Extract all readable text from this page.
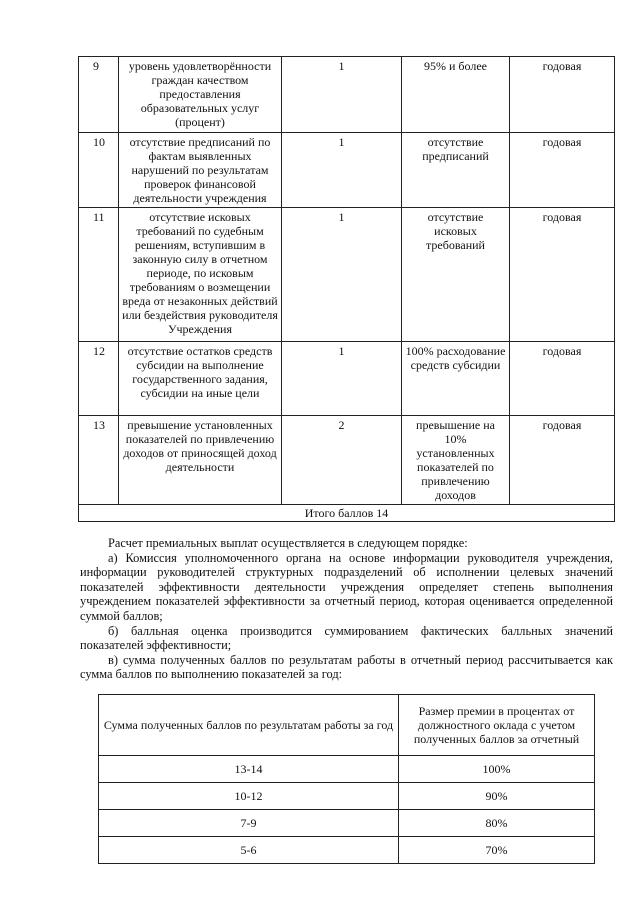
9	уровень удовлетворённости граждан качеством предоставления образовательных услуг (процент)	1	95% и более	годовая
10	отсутствие предписаний по фактам выявленных нарушений по результатам проверок финансовой деятельности учреждения	1	отсутствие предписаний	годовая
11	отсутствие исковых требований по судебным решениям, вступившим в законную силу в отчетном периоде, по исковым требованиям о возмещении вреда от незаконных действий или бездействия руководителя Учреждения	1	отсутствие исковых требований	годовая
12	отсутствие остатков средств субсидии на выполнение государственного задания, субсидии на иные цели	1	100% расходование средств субсидии	годовая
13	превышение установленных показателей по привлечению доходов от приносящей доход деятельности	2	превышение на 10% установленных показателей по привлечению доходов	годовая
Итого баллов 14				

Расчет премиальных выплат осуществляется в следующем порядке:

а) Комиссия уполномоченного органа на основе информации руководителя учреждения, информации руководителей структурных подразделений об исполнении целевых значений показателей эффективности деятельности учреждения определяет степень выполнения учреждением показателей эффективности за отчетный период, которая оценивается определенной суммой баллов;

б) балльная оценка производится суммированием фактических балльных значений показателей эффективности;

в) сумма полученных баллов по результатам работы в отчетный период рассчитывается как сумма баллов по выполнению показателей за год:

Сумма полученных баллов по результатам работы за год	Размер премии в процентах от должностного оклада с учетом полученных баллов за отчетный
13-14	100%
10-12	90%
7-9	80%
5-6	70%
